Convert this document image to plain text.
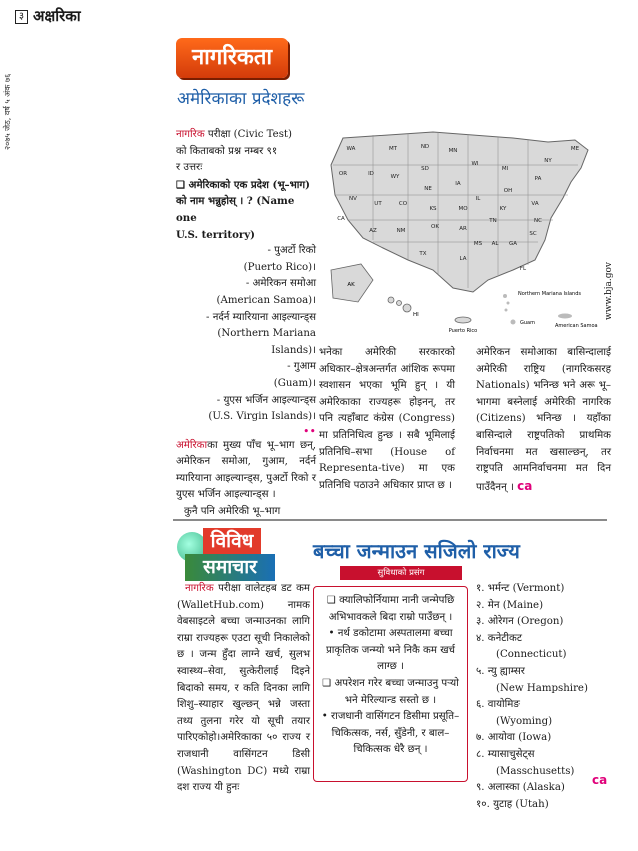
३ अक्षरिका
२०७५ जेठ, वर्ष ५ अंक ७६
नागरिकता
अमेरिकाका प्रदेशहरू
WA	MT	ND
MN	ME
OR	ID
SD
WI
MI
NY
WY
IA
NE
PA
IL
OH
NV
UT	CO
KS	MO	KY
VA
CA
AZ	NM
OK	AR
TN	NC
SC
MS AL GA
TX
LA
FL
AK
HI
Puerto Rico
Northern Mariana Islands
Guam	American Samoa
www.bja.gov

नागरिक परीक्षा (Civic Test)

को किताबको प्रश्न नम्बर ९१

र उत्तरः

❑ अमेरिकाको एक प्रदेश (भू–भाग)

को नाम भन्नुहोस् । ? (Name one

U.S. territory)

- पुअर्टो रिको

(Puerto Rico)।

- अमेरिकन समोआ

(American Samoa)।

- नर्दर्न म्यारियाना आइल्यान्ड्स

(Northern Mariana

Islands)।

- गुआम

(Guam)।

- युएस भर्जिन आइल्यान्ड्स

(U.S. Virgin Islands)।

••

अमेरिकाका मुख्य पाँच भू–भाग छन्, अमेरिकन समोआ, गुआम, नर्दर्न म्यारियाना आइल्यान्ड्स, पुअर्टो रिको र युएस भर्जिन आइल्यान्ड्स ।

कुनै पनि अमेरिकी भू–भाग

भनेका अमेरिकी सरकारको अधिकार–क्षेत्रअन्तर्गत आंशिक रूपमा स्वशासन भएका भूमि हुन् । यी अमेरिकाका राज्यहरू होइनन्, तर पनि त्यहाँबाट कंग्रेस (Congress) मा प्रतिनिधित्व हुन्छ । सबै भूमिलाई प्रतिनिधि–सभा (House of Representa-tive) मा एक प्रतिनिधि पठाउने अधिकार प्राप्त छ ।
अमेरिकन समोआका बासिन्दालाई अमेरिकी राष्ट्रिय (नागरिकसरह Nationals) भनिन्छ भने अरू भू–भागमा बस्नेलाई अमेरिकी नागरिक (Citizens) भनिन्छ । यहाँका बासिन्दाले राष्ट्रपतिको प्राथमिक निर्वाचनमा मत खसाल्छन्, तर राष्ट्रपति आमनिर्वाचनमा मत दिन पाउँदैनन् । ca
विविध
समाचार
बच्चा जन्माउन सजिलो राज्य
सुविधाको प्रसंग
नागरिक परीक्षा वालेटहब डट कम (WalletHub.com) नामक वेबसाइटले बच्चा जन्माउनका लागि राम्रा राज्यहरू एउटा सूची निकालेको छ । जन्म हुँदा लाग्ने खर्च, सुलभ स्वास्थ्य–सेवा, सुत्केरीलाई दिइने बिदाको समय, र कति दिनका लागि शिशु–स्याहार खुल्छन् भन्ने जस्ता तथ्य तुलना गरेर यो सूची तयार पारिएकोहो।अमेरिकाका ५० राज्य र राजधानी वासिंगटन डिसी (Washington DC) मध्ये राम्रा दश राज्य यी हुनः
❑ क्यालिफोर्नियामा नानी जन्मेपछि अभिभावकले बिदा राम्रो पाउँछन् ।
• नर्थ डकोटामा अस्पतालमा बच्चा प्राकृतिक जन्म्यो भने निकै कम खर्च लाग्छ ।
❑ अपरेशन गरेर बच्चा जन्माउनु पर्‍यो भने मेरिल्यान्ड सस्तो छ ।
• राजधानी वासिंगटन डिसीमा प्रसूति–चिकित्सक, नर्स, सुँडेनी, र बाल–चिकित्सक धेरै छन् ।
१. भर्मन्ट (Vermont)
२. मेन (Maine)
३. ओरेगन (Oregon)
४. कनेटीकट
(Connecticut)
५. न्यु ह्याम्सर
(New Hampshire)
६. वायोमिङ
(Wyoming)
७. आयोवा (Iowa)
८. म्यासाचुसेट्स
(Masschusetts)
९. अलास्का (Alaska)
१०. युटाह (Utah)
ca
